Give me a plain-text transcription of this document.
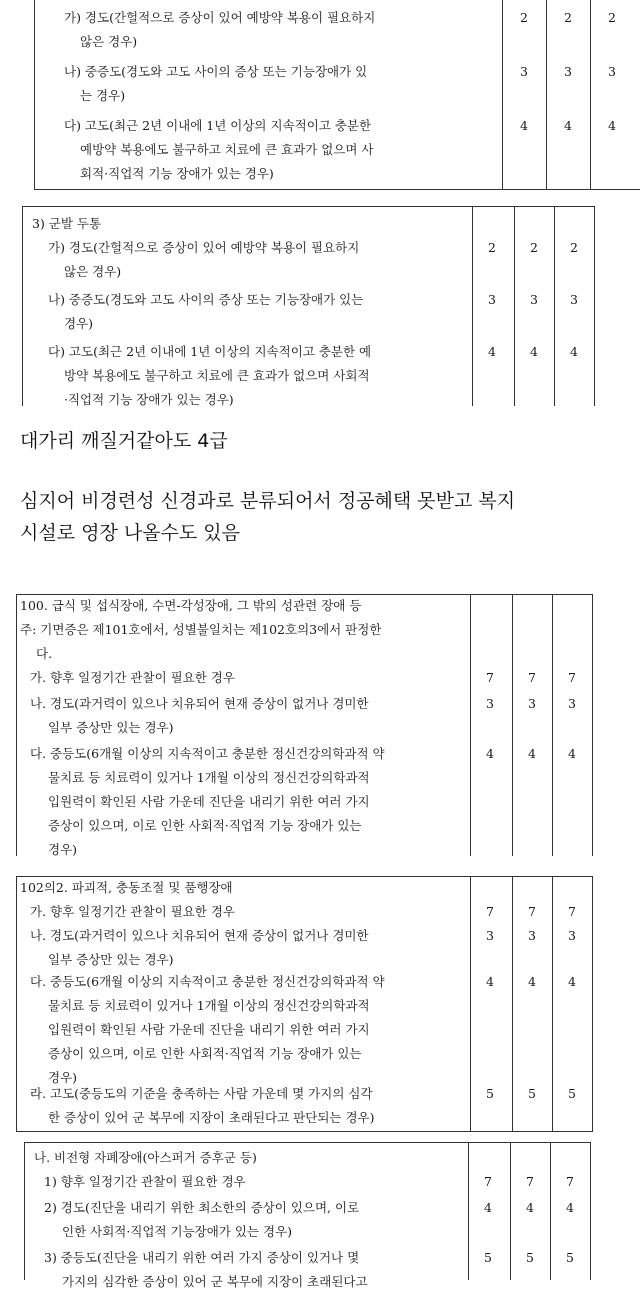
가) 경도(간헐적으로 증상이 있어 예방약 복용이 필요하지
않은 경우)
2	2	2
나) 중증도(경도와 고도 사이의 증상 또는 기능장애가 있
는 경우)
3	3	3
다) 고도(최근 2년 이내에 1년 이상의 지속적이고 충분한
예방약 복용에도 불구하고 치료에 큰 효과가 없으며 사
회적·직업적 기능 장애가 있는 경우)
4	4	4
3) 군발 두통
가) 경도(간헐적으로 증상이 있어 예방약 복용이 필요하지
않은 경우)
2	2	2
나) 중증도(경도와 고도 사이의 증상 또는 기능장애가 있는
경우)
3	3	3
다) 고도(최근 2년 이내에 1년 이상의 지속적이고 충분한 예
방약 복용에도 불구하고 치료에 큰 효과가 없으며 사회적
·직업적 기능 장애가 있는 경우)
4	4	4
대가리 깨질거같아도 4급
심지어 비경련성 신경과로 분류되어서 정공혜택 못받고 복지
시설로 영장 나올수도 있음
100. 급식 및 섭식장애, 수면-각성장애, 그 밖의 성관련 장애 등
주: 기면증은 제101호에서, 성별불일치는 제102호의3에서 판정한
다.
가. 향후 일정기간 관찰이 필요한 경우	7	7	7
나. 경도(과거력이 있으나 치유되어 현재 증상이 없거나 경미한
일부 증상만 있는 경우)
3	3	3
다. 중등도(6개월 이상의 지속적이고 충분한 정신건강의학과적 약
물치료 등 치료력이 있거나 1개월 이상의 정신건강의학과적
입원력이 확인된 사람 가운데 진단을 내리기 위한 여러 가지
증상이 있으며, 이로 인한 사회적·직업적 기능 장애가 있는
경우)
4	4	4
102의2. 파괴적, 충동조절 및 품행장애
가. 향후 일정기간 관찰이 필요한 경우	7	7	7
나. 경도(과거력이 있으나 치유되어 현재 증상이 없거나 경미한
일부 증상만 있는 경우)
3	3	3
다. 중등도(6개월 이상의 지속적이고 충분한 정신건강의학과적 약
물치료 등 치료력이 있거나 1개월 이상의 정신건강의학과적
입원력이 확인된 사람 가운데 진단을 내리기 위한 여러 가지
증상이 있으며, 이로 인한 사회적·직업적 기능 장애가 있는
경우)
4	4	4
라. 고도(중등도의 기준을 충족하는 사람 가운데 몇 가지의 심각
한 증상이 있어 군 복무에 지장이 초래된다고 판단되는 경우)
5	5	5
나. 비전형 자폐장애(아스퍼거 증후군 등)
1) 향후 일정기간 관찰이 필요한 경우	7	7	7
2) 경도(진단을 내리기 위한 최소한의 증상이 있으며, 이로
인한 사회적·직업적 기능장애가 있는 경우)
4	4	4
3) 중등도(진단을 내리기 위한 여러 가지 증상이 있거나 몇
가지의 심각한 증상이 있어 군 복무에 지장이 초래된다고
5	5	5
